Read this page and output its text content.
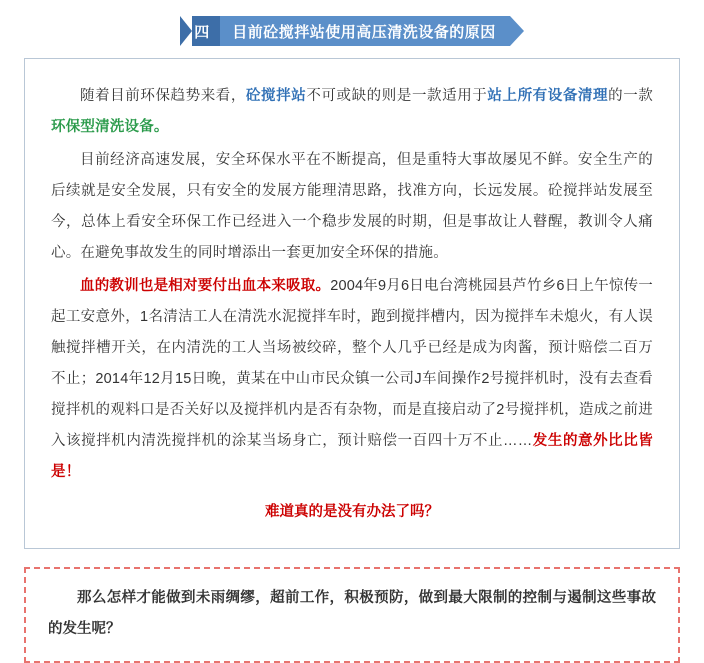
四	目前砼搅拌站使用高压清洗设备的原因

随着目前环保趋势来看，砼搅拌站不可或缺的则是一款适用于站上所有设备清理的一款环保型清洗设备。

目前经济高速发展，安全环保水平在不断提高，但是重特大事故屡见不鲜。安全生产的后续就是安全发展，只有安全的发展方能理清思路，找准方向，长远发展。砼搅拌站发展至今，总体上看安全环保工作已经进入一个稳步发展的时期，但是事故让人瞽醒，教训令人痛心。在避免事故发生的同时增添出一套更加安全环保的措施。

血的教训也是相对要付出血本来吸取。2004年9月6日电台湾桃园县芦竹乡6日上午惊传一起工安意外，1名清洁工人在清洗水泥搅拌车时，跑到搅拌槽内，因为搅拌车未熄火，有人误触搅拌槽开关，在内清洗的工人当场被绞碎，整个人几乎已经是成为肉酱，预计赔偿二百万不止；2014年12月15日晚，黄某在中山市民众镇一公司J车间操作2号搅拌机时，没有去查看搅拌机的观料口是否关好以及搅拌机内是否有杂物，而是直接启动了2号搅拌机，造成之前进入该搅拌机内清洗搅拌机的涂某当场身亡，预计赔偿一百四十万不止……发生的意外比比皆是！

难道真的是没有办法了吗？

那么怎样才能做到未雨绸缪，超前工作，积极预防，做到最大限制的控制与遏制这些事故的发生呢？
